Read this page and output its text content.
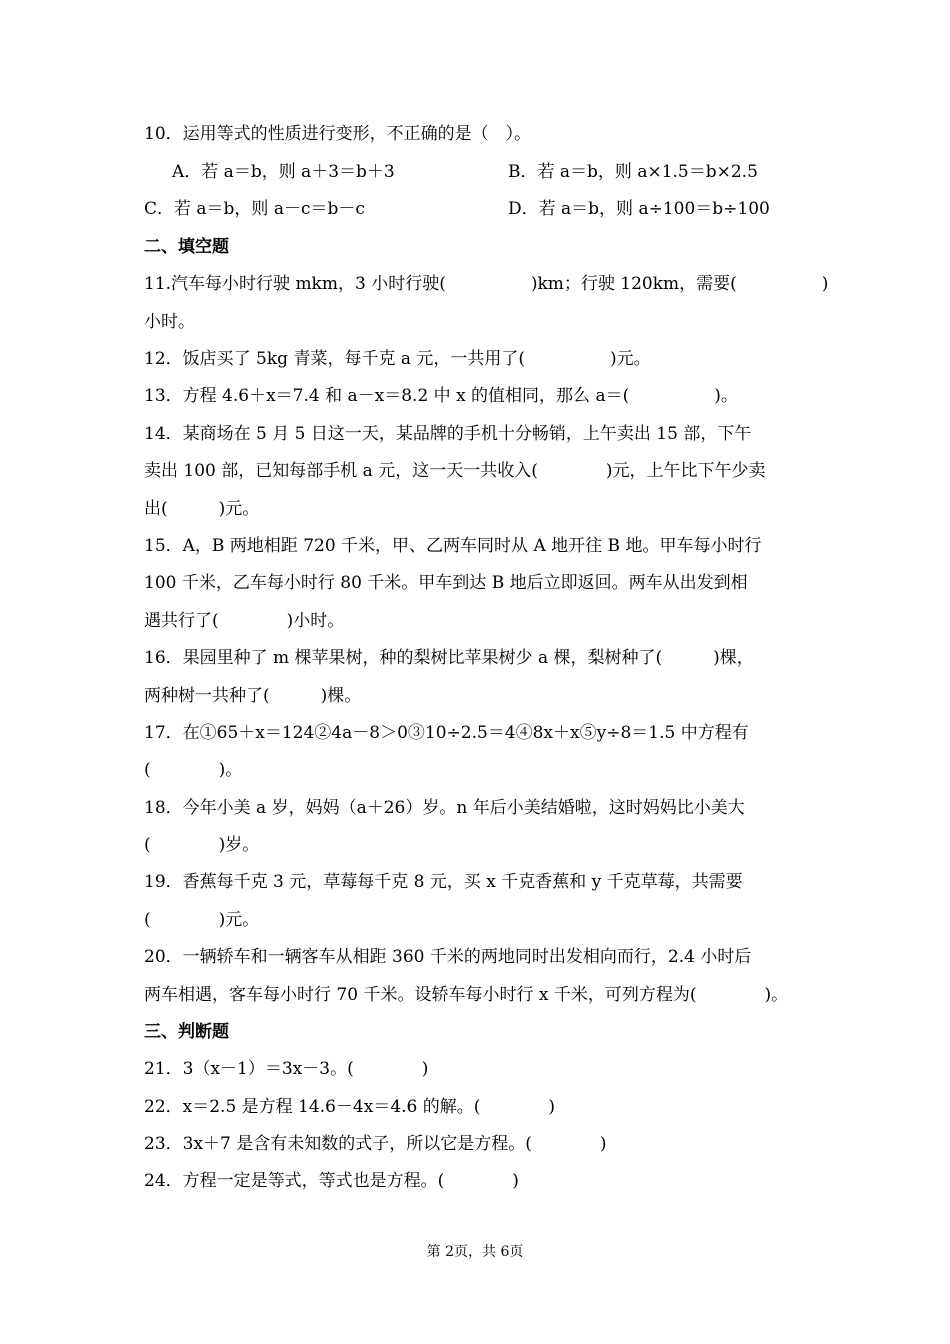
10．运用等式的性质进行变形，不正确的是（　）。
A．若 a＝b，则 a＋3＝b＋3	B．若 a＝b，则 a×1.5＝b×2.5
C．若 a＝b，则 a－c＝b－c	D．若 a＝b，则 a÷100＝b÷100
二、填空题
11.汽车每小时行驶 mkm，3 小时行驶(　　　　　)km；行驶 120km，需要(　　　　　)
小时。
12．饭店买了 5kg 青菜，每千克 a 元，一共用了(　　　　　)元。
13．方程 4.6＋x＝7.4 和 a－x＝8.2 中 x 的值相同，那么 a＝(　　　　　)。
14．某商场在 5 月 5 日这一天，某品牌的手机十分畅销，上午卖出 15 部，下午
卖出 100 部，已知每部手机 a 元，这一天一共收入(　　　　)元，上午比下午少卖
出(　　　)元。
15．A，B 两地相距 720 千米，甲、乙两车同时从 A 地开往 B 地。甲车每小时行
100 千米，乙车每小时行 80 千米。甲车到达 B 地后立即返回。两车从出发到相
遇共行了(　　　　)小时。
16．果园里种了 m 棵苹果树，种的梨树比苹果树少 a 棵，梨树种了(　　　)棵，
两种树一共种了(　　　)棵。
17．在①65＋x＝124②4a－8＞0③10÷2.5＝4④8x＋x⑤y÷8＝1.5 中方程有
(　　　　)。
18．今年小美 a 岁，妈妈（a＋26）岁。n 年后小美结婚啦，这时妈妈比小美大
(　　　　)岁。
19．香蕉每千克 3 元，草莓每千克 8 元，买 x 千克香蕉和 y 千克草莓，共需要
(　　　　)元。
20．一辆轿车和一辆客车从相距 360 千米的两地同时出发相向而行，2.4 小时后
两车相遇，客车每小时行 70 千米。设轿车每小时行 x 千米，可列方程为(　　　　)。
三、判断题
21．3（x－1）＝3x－3。(　　　　)
22．x＝2.5 是方程 14.6－4x＝4.6 的解。(　　　　)
23．3x＋7 是含有未知数的式子，所以它是方程。(　　　　)
24．方程一定是等式，等式也是方程。(　　　　)
第 2页，共 6页
